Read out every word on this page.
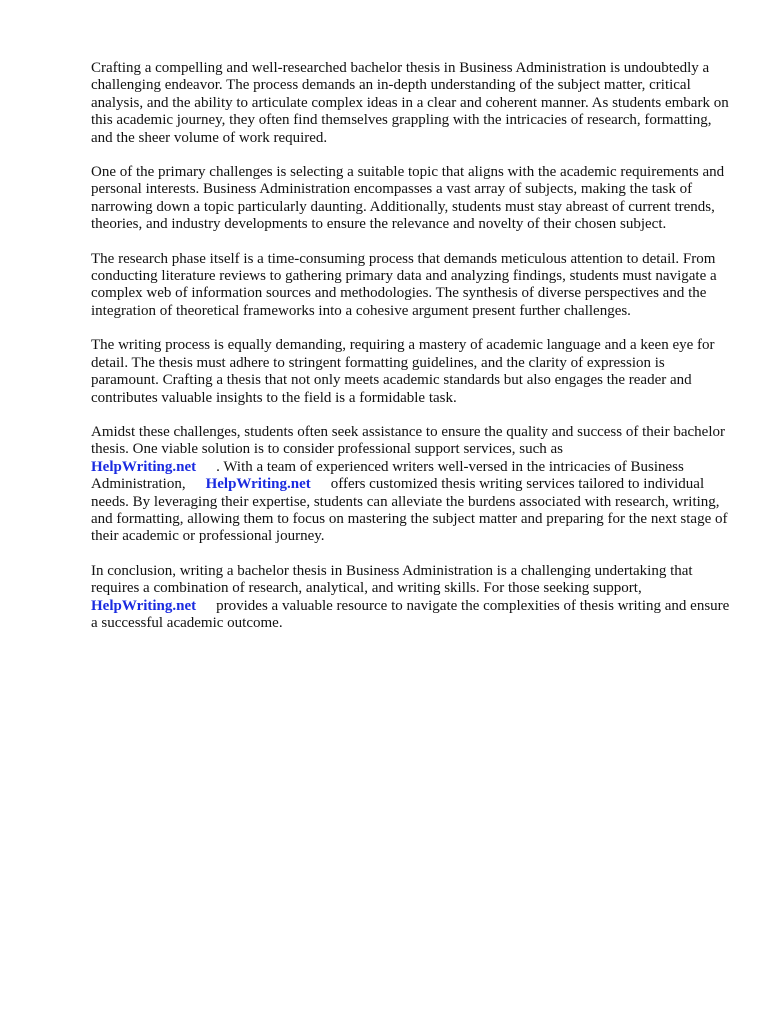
Crafting a compelling and well-researched bachelor thesis in Business Administration is undoubtedly a challenging endeavor. The process demands an in-depth understanding of the subject matter, critical analysis, and the ability to articulate complex ideas in a clear and coherent manner. As students embark on this academic journey, they often find themselves grappling with the intricacies of research, formatting, and the sheer volume of work required.

One of the primary challenges is selecting a suitable topic that aligns with the academic requirements and personal interests. Business Administration encompasses a vast array of subjects, making the task of narrowing down a topic particularly daunting. Additionally, students must stay abreast of current trends, theories, and industry developments to ensure the relevance and novelty of their chosen subject.

The research phase itself is a time-consuming process that demands meticulous attention to detail. From conducting literature reviews to gathering primary data and analyzing findings, students must navigate a complex web of information sources and methodologies. The synthesis of diverse perspectives and the integration of theoretical frameworks into a cohesive argument present further challenges.

The writing process is equally demanding, requiring a mastery of academic language and a keen eye for detail. The thesis must adhere to stringent formatting guidelines, and the clarity of expression is paramount. Crafting a thesis that not only meets academic standards but also engages the reader and contributes valuable insights to the field is a formidable task.

Amidst these challenges, students often seek assistance to ensure the quality and success of their bachelor thesis. One viable solution is to consider professional support services, such as
HelpWriting.net . With a team of experienced writers well-versed in the intricacies of Business Administration, HelpWriting.net offers customized thesis writing services tailored to individual needs. By leveraging their expertise, students can alleviate the burdens associated with research, writing, and formatting, allowing them to focus on mastering the subject matter and preparing for the next stage of their academic or professional journey.

In conclusion, writing a bachelor thesis in Business Administration is a challenging undertaking that requires a combination of research, analytical, and writing skills. For those seeking support,
HelpWriting.net provides a valuable resource to navigate the complexities of thesis writing and ensure a successful academic outcome.
